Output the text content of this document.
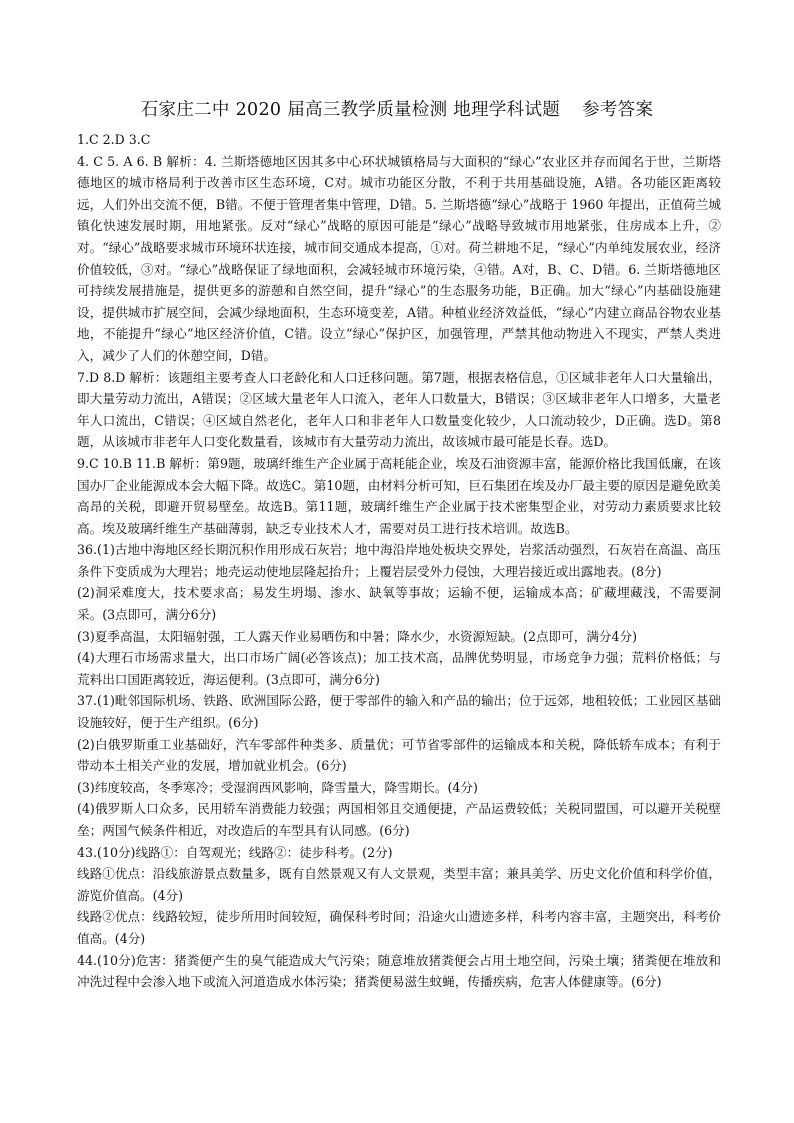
石家庄二中 2020 届高三教学质量检测 地理学科试题 参考答案

1.C 2.D 3.C

4. C 5. A 6. B 解析：4. 兰斯塔德地区因其多中心环状城镇格局与大面积的“绿心”农业区并存而闻名于世，兰斯塔德地区的城市格局利于改善市区生态环境，C对。城市功能区分散，不利于共用基础设施，A错。各功能区距离较远，人们外出交流不便，B错。不便于管理者集中管理，D错。5. 兰斯塔德“绿心”战略于 1960 年提出，正值荷兰城镇化快速发展时期，用地紧张。反对“绿心”战略的原因可能是“绿心”战略导致城市用地紧张，住房成本上升，②对。“绿心”战略要求城市环境环状连接，城市间交通成本提高，①对。荷兰耕地不足，“绿心”内单纯发展农业，经济价值较低，③对。“绿心”战略保证了绿地面积，会减轻城市环境污染，④错。A对，B、C、D错。6. 兰斯塔德地区可持续发展措施是，提供更多的游憩和自然空间，提升“绿心”的生态服务功能，B正确。加大“绿心”内基础设施建设，提供城市扩展空间，会减少绿地面积，生态环境变差，A错。种植业经济效益低，“绿心”内建立商品谷物农业基地，不能提升“绿心”地区经济价值，C错。设立“绿心”保护区，加强管理，严禁其他动物进入不现实，严禁人类进入，减少了人们的休憩空间，D错。

7.D 8.D 解析：该题组主要考查人口老龄化和人口迁移问题。第7题，根据表格信息，①区域非老年人口大量输出，即大量劳动力流出，A错误；②区域大量老年人口流入，老年人口数量大，B错误；③区域非老年人口增多，大量老年人口流出，C错误；④区域自然老化，老年人口和非老年人口数量变化较少，人口流动较少，D正确。选D。第8题，从该城市非老年人口变化数量看，该城市有大量劳动力流出，故该城市最可能是长春。选D。

9.C 10.B 11.B 解析：第9题，玻璃纤维生产企业属于高耗能企业，埃及石油资源丰富，能源价格比我国低廉，在该国办厂企业能源成本会大幅下降。故选C。第10题，由材料分析可知，巨石集团在埃及办厂最主要的原因是避免欧美高昂的关税，即避开贸易壁垒。故选B。第11题，玻璃纤维生产企业属于技术密集型企业，对劳动力素质要求比较高。埃及玻璃纤维生产基础薄弱，缺乏专业技术人才，需要对员工进行技术培训。故选B。

36.(1)古地中海地区经长期沉积作用形成石灰岩；地中海沿岸地处板块交界处，岩浆活动强烈，石灰岩在高温、高压条件下变质成为大理岩；地壳运动使地层隆起抬升；上覆岩层受外力侵蚀，大理岩接近或出露地表。(8分)

(2)洞采难度大，技术要求高；易发生坍塌、渗水、缺氧等事故；运输不便，运输成本高；矿藏埋藏浅，不需要洞采。(3点即可，满分6分)

(3)夏季高温，太阳辐射强，工人露天作业易晒伤和中暑；降水少，水资源短缺。(2点即可，满分4分)

(4)大理石市场需求量大，出口市场广阔(必答该点)；加工技术高，品牌优势明显，市场竞争力强；荒料价格低；与荒料出口国距离较近，海运便利。(3点即可，满分6分)

37.(1)毗邻国际机场、铁路、欧洲国际公路，便于零部件的输入和产品的输出；位于远郊，地租较低；工业园区基础设施较好，便于生产组织。(6分)

(2)白俄罗斯重工业基础好，汽车零部件种类多、质量优；可节省零部件的运输成本和关税，降低轿车成本；有利于带动本土相关产业的发展，增加就业机会。(6分)

(3)纬度较高，冬季寒冷；受湿润西风影响，降雪量大，降雪期长。(4分)

(4)俄罗斯人口众多，民用轿车消费能力较强；两国相邻且交通便捷，产品运费较低；关税同盟国，可以避开关税壁垒；两国气候条件相近，对改造后的车型具有认同感。(6分)

43.(10分)线路①：自驾观光；线路②：徒步科考。(2分)

线路①优点：沿线旅游景点数量多，既有自然景观又有人文景观，类型丰富；兼具美学、历史文化价值和科学价值，游览价值高。(4分)

线路②优点：线路较短，徒步所用时间较短，确保科考时间；沿途火山遗迹多样，科考内容丰富，主题突出，科考价值高。(4分)

44.(10分)危害：猪粪便产生的臭气能造成大气污染；随意堆放猪粪便会占用土地空间，污染土壤；猪粪便在堆放和冲洗过程中会渗入地下或流入河道造成水体污染；猪粪便易滋生蚊蝇，传播疾病，危害人体健康等。(6分)
